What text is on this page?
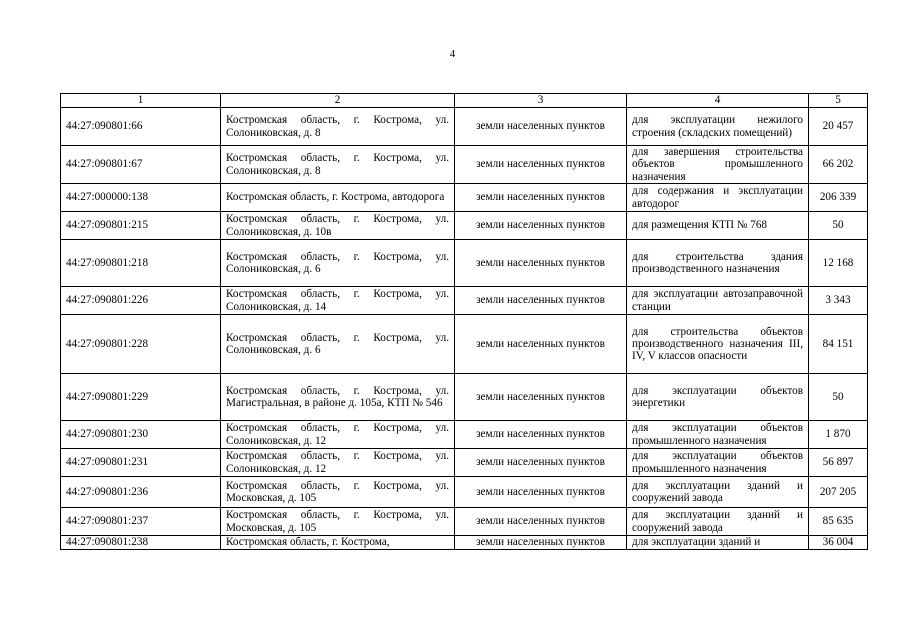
4
1	2	3	4	5
44:27:090801:66	Костромская область, г. Кострома, ул. Солониковская, д. 8	земли населенных пунктов	для эксплуатации нежилого строения (складских помещений)	20 457
44:27:090801:67	Костромская область, г. Кострома, ул. Солониковская, д. 8	земли населенных пунктов	для завершения строительства объектов промышленного назначения	66 202
44:27:000000:138	Костромская область, г. Кострома, автодорога	земли населенных пунктов	для содержания и эксплуатации автодорог	206 339
44:27:090801:215	Костромская область, г. Кострома, ул. Солониковская, д. 10в	земли населенных пунктов	для размещения КТП № 768	50
44:27:090801:218	Костромская область, г. Кострома, ул. Солониковская, д. 6	земли населенных пунктов	для строительства здания производственного назначения	12 168
44:27:090801:226	Костромская область, г. Кострома, ул. Солониковская, д. 14	земли населенных пунктов	для эксплуатации автозаправочной станции	3 343
44:27:090801:228	Костромская область, г. Кострома, ул. Солониковская, д. 6	земли населенных пунктов	для строительства объектов производственного назначения III, IV, V классов опасности	84 151
44:27:090801:229	Костромская область, г. Кострома, ул. Магистральная, в районе д. 105а, КТП № 546	земли населенных пунктов	для эксплуатации объектов энергетики	50
44:27:090801:230	Костромская область, г. Кострома, ул. Солониковская, д. 12	земли населенных пунктов	для эксплуатации объектов промышленного назначения	1 870
44:27:090801:231	Костромская область, г. Кострома, ул. Солониковская, д. 12	земли населенных пунктов	для эксплуатации объектов промышленного назначения	56 897
44:27:090801:236	Костромская область, г. Кострома, ул. Московская, д. 105	земли населенных пунктов	для эксплуатации зданий и сооружений завода	207 205
44:27:090801:237	Костромская область, г. Кострома, ул. Московская, д. 105	земли населенных пунктов	для эксплуатации зданий и сооружений завода	85 635
44:27:090801:238	Костромская область, г. Кострома,	земли населенных пунктов	для эксплуатации зданий и	36 004
